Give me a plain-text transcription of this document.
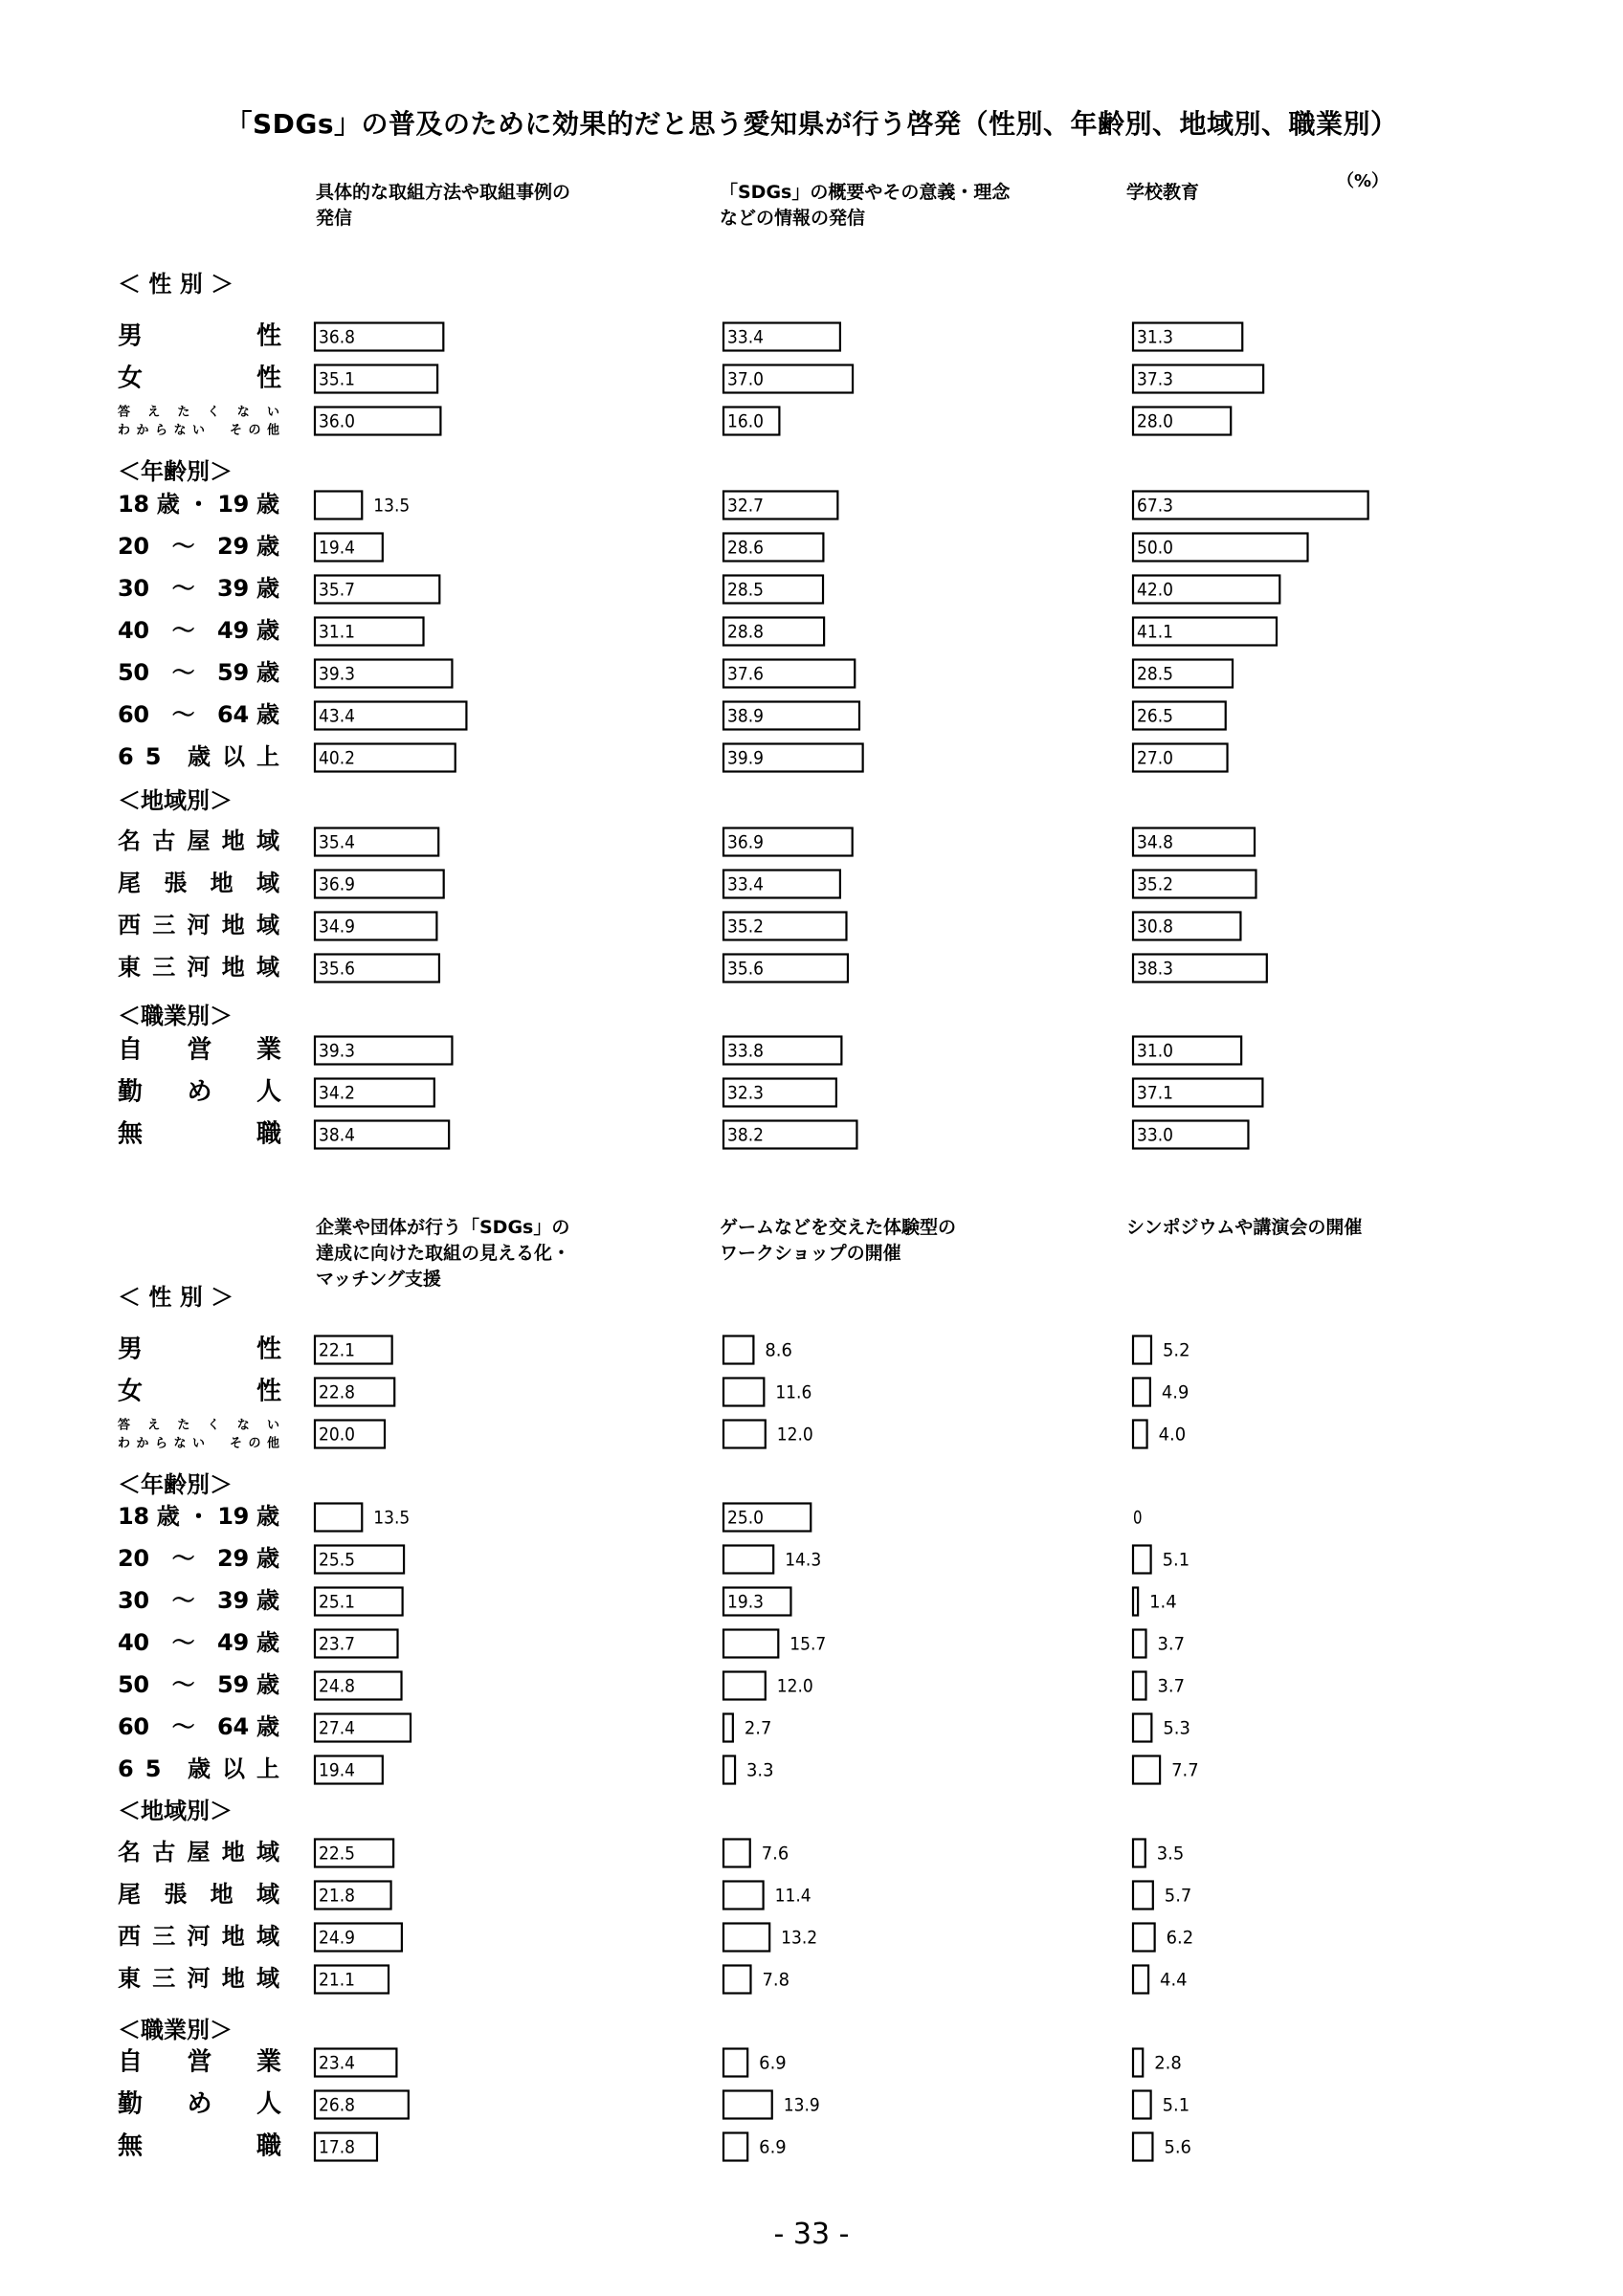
「SDGs」の普及のために効果的だと思う愛知県が行う啓発（性別、年齢別、地域別、職業別）
（%）
具体的な取組方法や取組事例の
発信
「SDGs」の概要やその意義・理念
などの情報の発信
学校教育
企業や団体が行う「SDGs」の
達成に向けた取組の見える化・
マッチング支援
ゲームなどを交えた体験型の
ワークショップの開催
シンポジウムや講演会の開催
＜ 性 別 ＞
＜年齢別＞
＜地域別＞
＜職業別＞
男	性 36.8	33.4	31.3
女	性 35.1	37.0	37.3
答 え た く な い
わからない　その他 36.0	16.0	28.0
18 歳 ・ 19 歳	13.5	32.7	67.3
20　～　29 歳 19.4	28.6	50.0
30　～　39 歳 35.7	28.5	42.0
40　～　49 歳 31.1	28.8	41.1
50　～　59 歳 39.3	37.6	28.5
60　～　64 歳 43.4	38.9	26.5
6 5　歳 以 上 40.2	39.9	27.0
名 古 屋 地 域 35.4	36.9	34.8
尾　張　地　域 36.9	33.4	35.2
西 三 河 地 域 34.9	35.2	30.8
東 三 河 地 域 35.6	35.6	38.3
自 営 業 39.3	33.8	31.0
勤 め 人 34.2	32.3	37.1
無	職 38.4	38.2	33.0
＜ 性 別 ＞
＜年齢別＞
＜地域別＞
＜職業別＞
男	性 22.1	8.6	5.2
女	性 22.8	11.6	4.9
答 え た く な い
わからない　その他 20.0	12.0	4.0
18 歳 ・ 19 歳	13.5	25.0	0
20　～　29 歳 25.5	14.3	5.1
30　～　39 歳 25.1	19.3	1.4
40　～　49 歳 23.7	15.7	3.7
50　～　59 歳 24.8	12.0	3.7
60　～　64 歳 27.4	2.7	5.3
6 5　歳 以 上 19.4	3.3	7.7
名 古 屋 地 域 22.5	7.6	3.5
尾　張　地　域 21.8	11.4	5.7
西 三 河 地 域 24.9	13.2	6.2
東 三 河 地 域 21.1	7.8	4.4
自 営 業 23.4	6.9	2.8
勤 め 人 26.8	13.9	5.1
無	職 17.8	6.9	5.6
- 33 -
